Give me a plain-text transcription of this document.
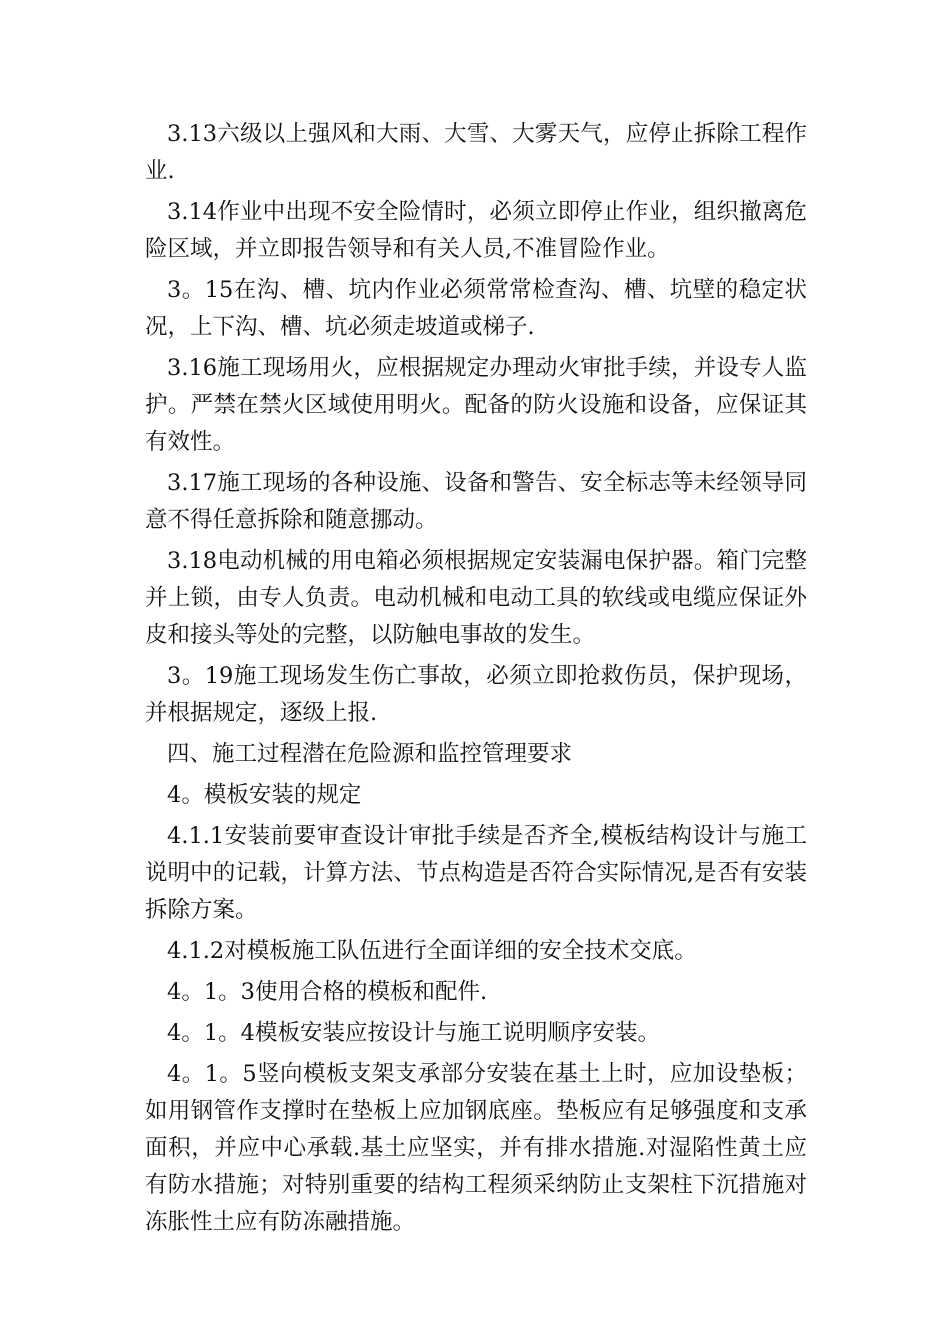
3.13六级以上强风和大雨、大雪、大雾天气，应停止拆除工程作业.

3.14作业中出现不安全险情时，必须立即停止作业，组织撤离危险区域，并立即报告领导和有关人员,不准冒险作业。

3。15在沟、槽、坑内作业必须常常检查沟、槽、坑壁的稳定状况，上下沟、槽、坑必须走坡道或梯子.

3.16施工现场用火，应根据规定办理动火审批手续，并设专人监护。严禁在禁火区域使用明火。配备的防火设施和设备，应保证其有效性。

3.17施工现场的各种设施、设备和警告、安全标志等未经领导同意不得任意拆除和随意挪动。

3.18电动机械的用电箱必须根据规定安装漏电保护器。箱门完整并上锁，由专人负责。电动机械和电动工具的软线或电缆应保证外皮和接头等处的完整，以防触电事故的发生。

3。19施工现场发生伤亡事故，必须立即抢救伤员，保护现场，并根据规定，逐级上报.

四、施工过程潜在危险源和监控管理要求

4。模板安装的规定

4.1.1安装前要审查设计审批手续是否齐全,模板结构设计与施工说明中的记载，计算方法、节点构造是否符合实际情况,是否有安装拆除方案。

4.1.2对模板施工队伍进行全面详细的安全技术交底。

4。1。3使用合格的模板和配件.

4。1。4模板安装应按设计与施工说明顺序安装。

4。1。5竖向模板支架支承部分安装在基土上时，应加设垫板；如用钢管作支撑时在垫板上应加钢底座。垫板应有足够强度和支承面积，并应中心承载.基土应坚实，并有排水措施.对湿陷性黄土应有防水措施；对特别重要的结构工程须采纳防止支架柱下沉措施对冻胀性土应有防冻融措施。
